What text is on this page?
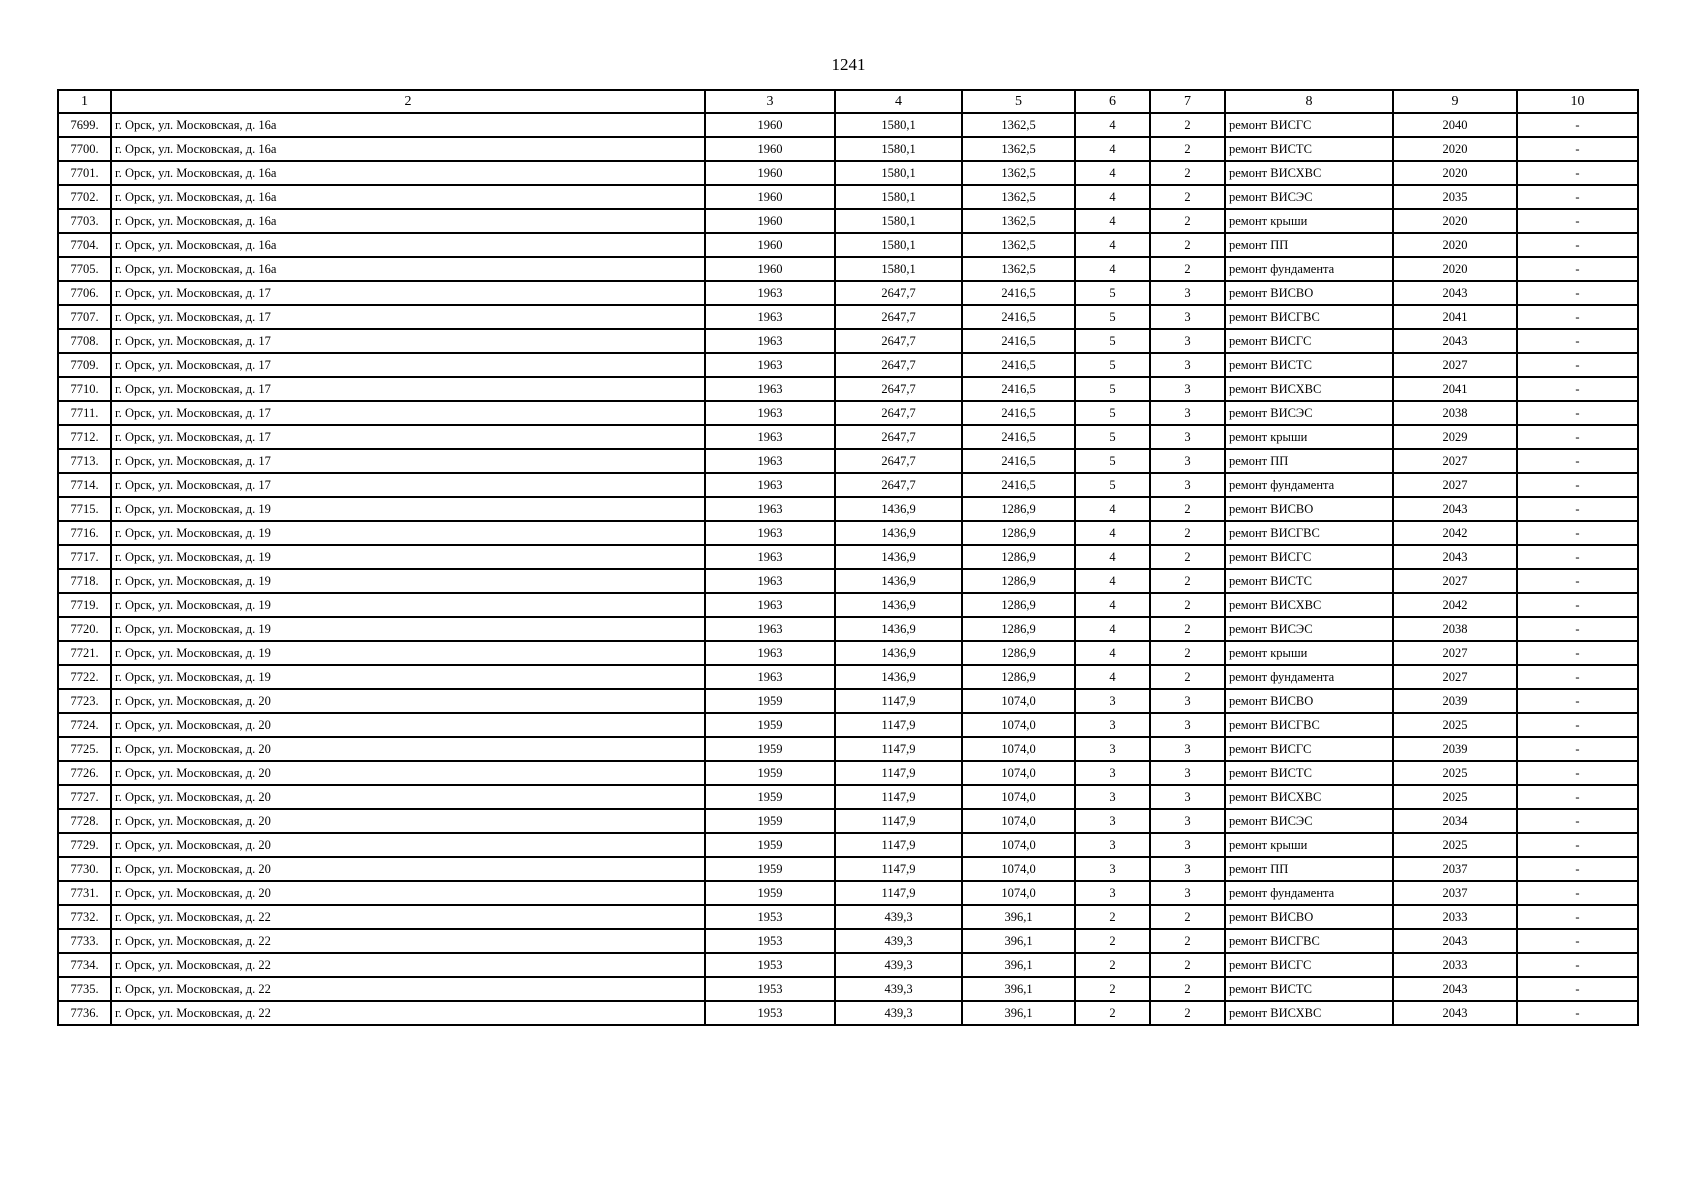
1241
1	2	3	4	5	6	7	8	9	10
7699.	г. Орск, ул. Московская, д. 16а	1960	1580,1	1362,5	4	2	ремонт ВИСГС	2040	-
7700.	г. Орск, ул. Московская, д. 16а	1960	1580,1	1362,5	4	2	ремонт ВИСТС	2020	-
7701.	г. Орск, ул. Московская, д. 16а	1960	1580,1	1362,5	4	2	ремонт ВИСХВС	2020	-
7702.	г. Орск, ул. Московская, д. 16а	1960	1580,1	1362,5	4	2	ремонт ВИСЭС	2035	-
7703.	г. Орск, ул. Московская, д. 16а	1960	1580,1	1362,5	4	2	ремонт крыши	2020	-
7704.	г. Орск, ул. Московская, д. 16а	1960	1580,1	1362,5	4	2	ремонт ПП	2020	-
7705.	г. Орск, ул. Московская, д. 16а	1960	1580,1	1362,5	4	2	ремонт фундамента	2020	-
7706.	г. Орск, ул. Московская, д. 17	1963	2647,7	2416,5	5	3	ремонт ВИСВО	2043	-
7707.	г. Орск, ул. Московская, д. 17	1963	2647,7	2416,5	5	3	ремонт ВИСГВС	2041	-
7708.	г. Орск, ул. Московская, д. 17	1963	2647,7	2416,5	5	3	ремонт ВИСГС	2043	-
7709.	г. Орск, ул. Московская, д. 17	1963	2647,7	2416,5	5	3	ремонт ВИСТС	2027	-
7710.	г. Орск, ул. Московская, д. 17	1963	2647,7	2416,5	5	3	ремонт ВИСХВС	2041	-
7711.	г. Орск, ул. Московская, д. 17	1963	2647,7	2416,5	5	3	ремонт ВИСЭС	2038	-
7712.	г. Орск, ул. Московская, д. 17	1963	2647,7	2416,5	5	3	ремонт крыши	2029	-
7713.	г. Орск, ул. Московская, д. 17	1963	2647,7	2416,5	5	3	ремонт ПП	2027	-
7714.	г. Орск, ул. Московская, д. 17	1963	2647,7	2416,5	5	3	ремонт фундамента	2027	-
7715.	г. Орск, ул. Московская, д. 19	1963	1436,9	1286,9	4	2	ремонт ВИСВО	2043	-
7716.	г. Орск, ул. Московская, д. 19	1963	1436,9	1286,9	4	2	ремонт ВИСГВС	2042	-
7717.	г. Орск, ул. Московская, д. 19	1963	1436,9	1286,9	4	2	ремонт ВИСГС	2043	-
7718.	г. Орск, ул. Московская, д. 19	1963	1436,9	1286,9	4	2	ремонт ВИСТС	2027	-
7719.	г. Орск, ул. Московская, д. 19	1963	1436,9	1286,9	4	2	ремонт ВИСХВС	2042	-
7720.	г. Орск, ул. Московская, д. 19	1963	1436,9	1286,9	4	2	ремонт ВИСЭС	2038	-
7721.	г. Орск, ул. Московская, д. 19	1963	1436,9	1286,9	4	2	ремонт крыши	2027	-
7722.	г. Орск, ул. Московская, д. 19	1963	1436,9	1286,9	4	2	ремонт фундамента	2027	-
7723.	г. Орск, ул. Московская, д. 20	1959	1147,9	1074,0	3	3	ремонт ВИСВО	2039	-
7724.	г. Орск, ул. Московская, д. 20	1959	1147,9	1074,0	3	3	ремонт ВИСГВС	2025	-
7725.	г. Орск, ул. Московская, д. 20	1959	1147,9	1074,0	3	3	ремонт ВИСГС	2039	-
7726.	г. Орск, ул. Московская, д. 20	1959	1147,9	1074,0	3	3	ремонт ВИСТС	2025	-
7727.	г. Орск, ул. Московская, д. 20	1959	1147,9	1074,0	3	3	ремонт ВИСХВС	2025	-
7728.	г. Орск, ул. Московская, д. 20	1959	1147,9	1074,0	3	3	ремонт ВИСЭС	2034	-
7729.	г. Орск, ул. Московская, д. 20	1959	1147,9	1074,0	3	3	ремонт крыши	2025	-
7730.	г. Орск, ул. Московская, д. 20	1959	1147,9	1074,0	3	3	ремонт ПП	2037	-
7731.	г. Орск, ул. Московская, д. 20	1959	1147,9	1074,0	3	3	ремонт фундамента	2037	-
7732.	г. Орск, ул. Московская, д. 22	1953	439,3	396,1	2	2	ремонт ВИСВО	2033	-
7733.	г. Орск, ул. Московская, д. 22	1953	439,3	396,1	2	2	ремонт ВИСГВС	2043	-
7734.	г. Орск, ул. Московская, д. 22	1953	439,3	396,1	2	2	ремонт ВИСГС	2033	-
7735.	г. Орск, ул. Московская, д. 22	1953	439,3	396,1	2	2	ремонт ВИСТС	2043	-
7736.	г. Орск, ул. Московская, д. 22	1953	439,3	396,1	2	2	ремонт ВИСХВС	2043	-
